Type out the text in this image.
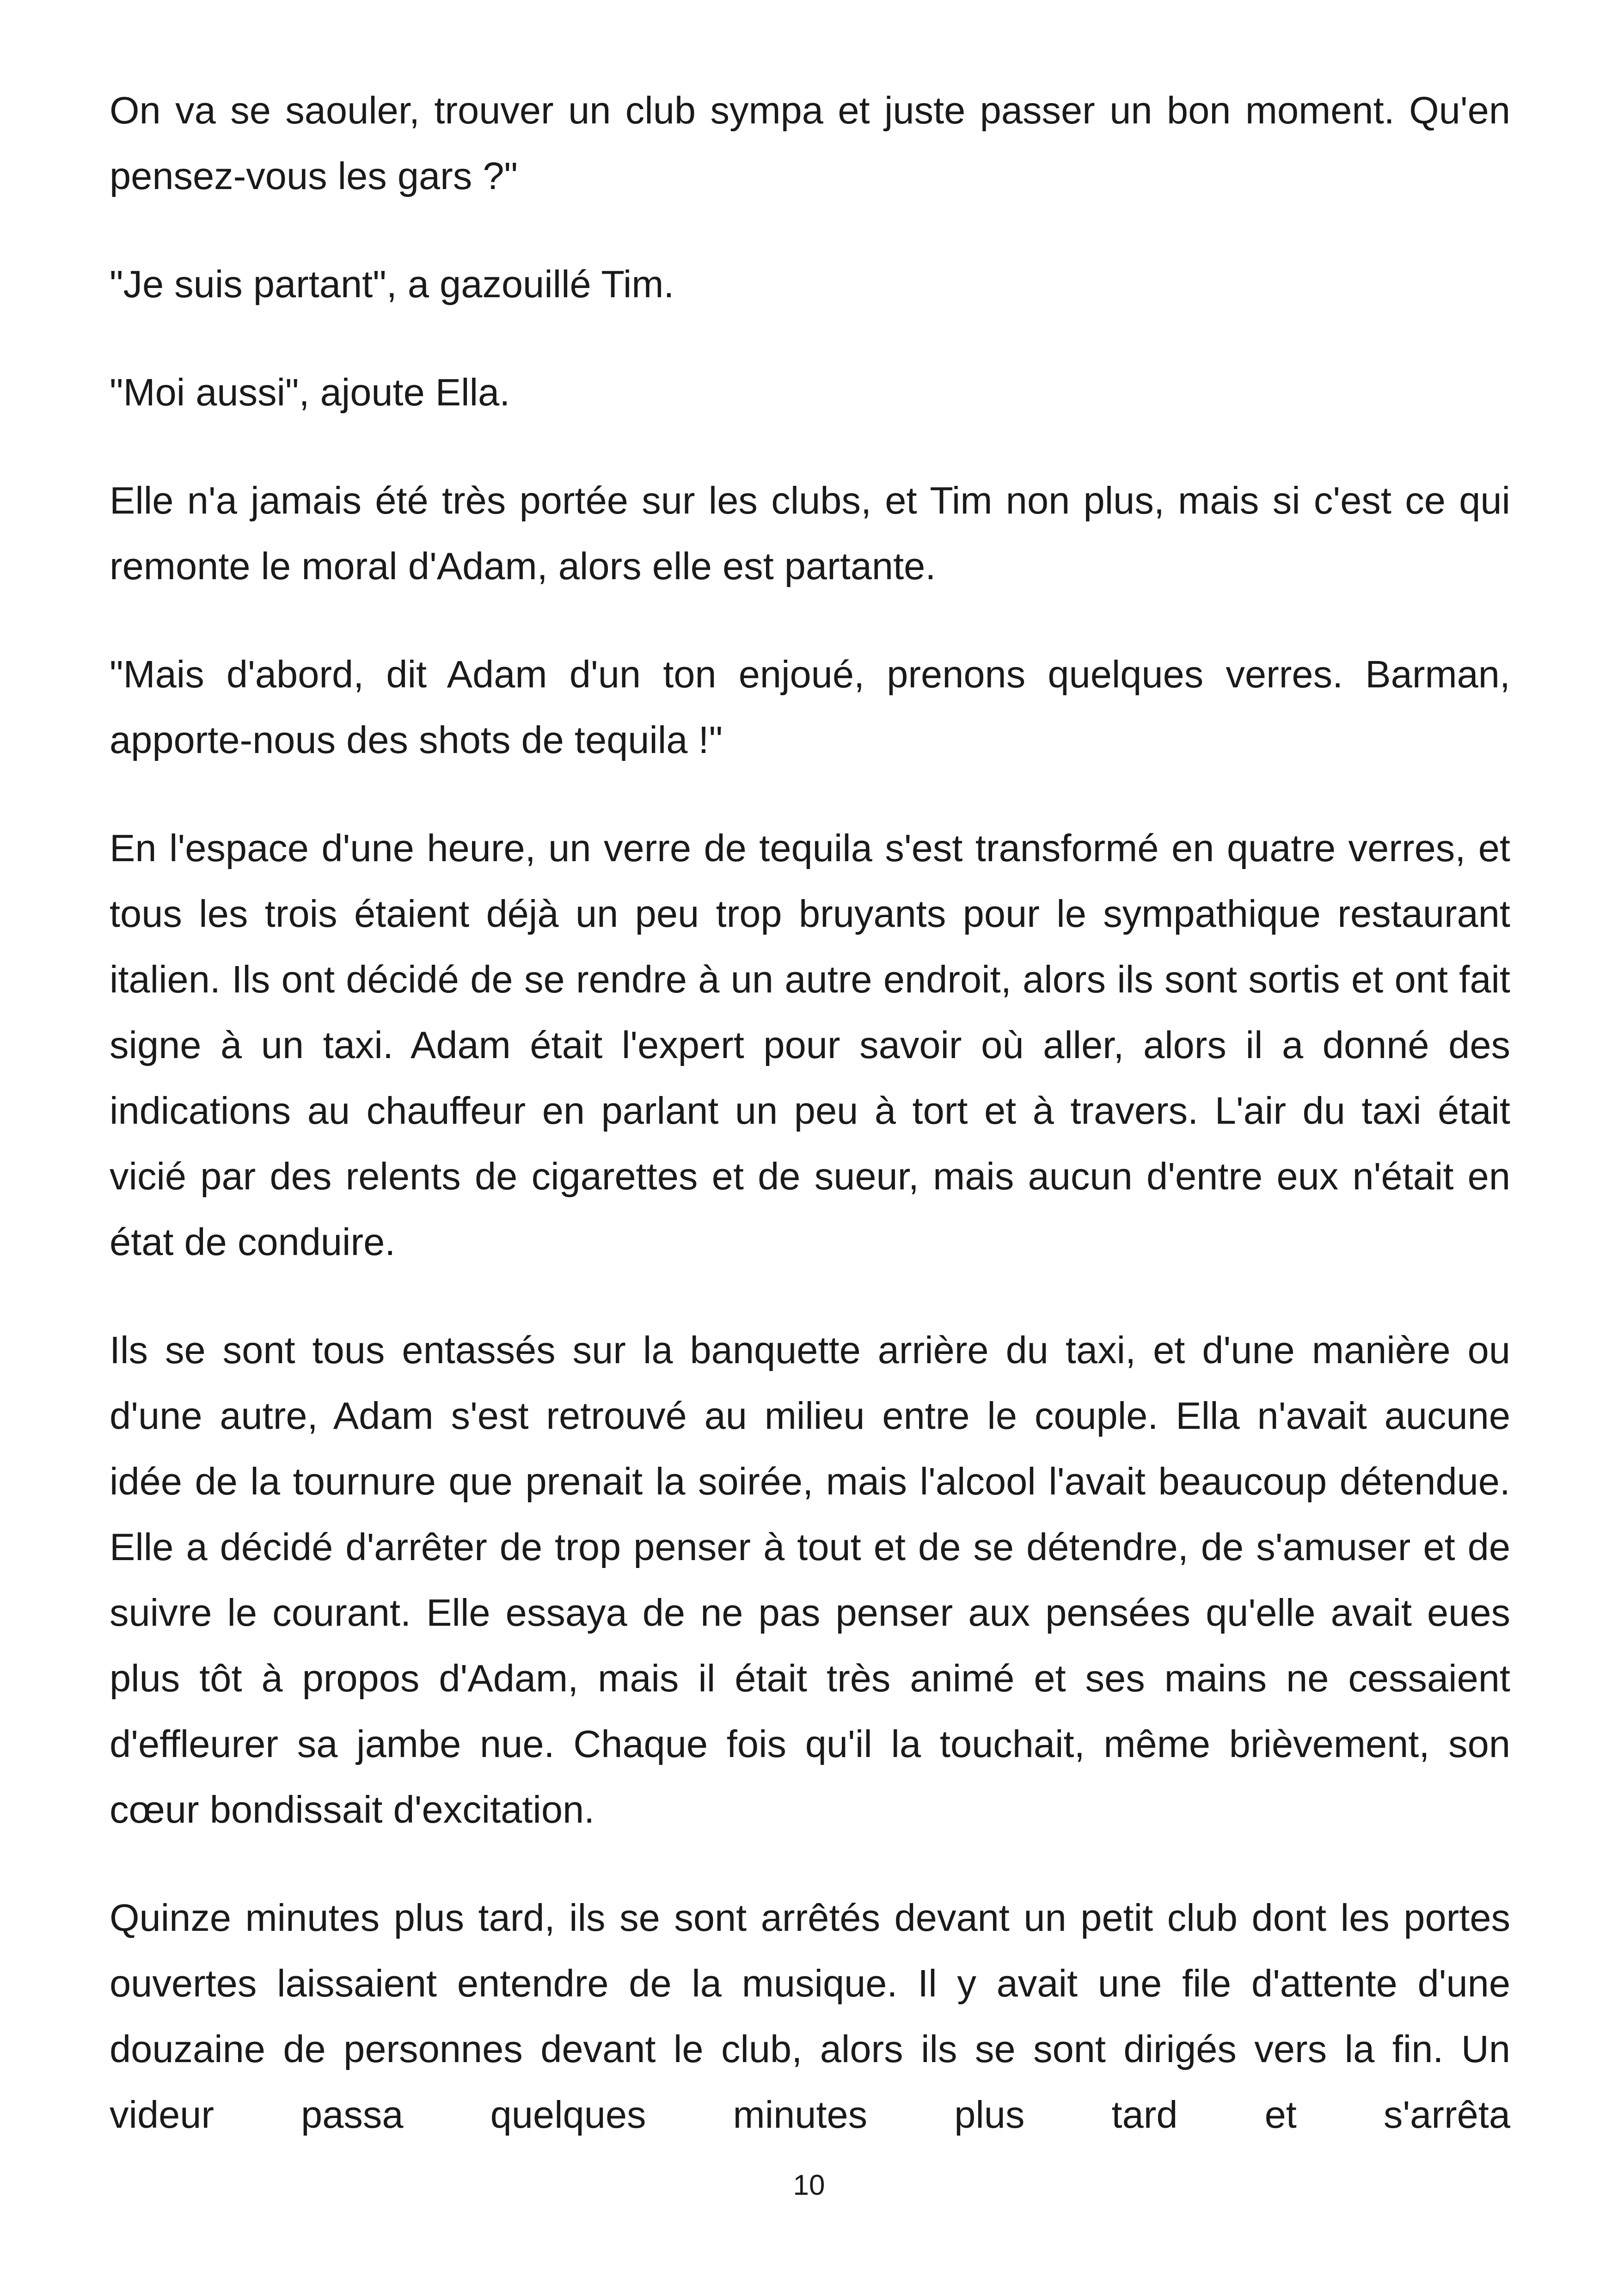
On va se saouler, trouver un club sympa et juste passer un bon moment. Qu'en pensez-vous les gars ?"

"Je suis partant", a gazouillé Tim.

"Moi aussi", ajoute Ella.

Elle n'a jamais été très portée sur les clubs, et Tim non plus, mais si c'est ce qui remonte le moral d'Adam, alors elle est partante.

"Mais d'abord, dit Adam d'un ton enjoué, prenons quelques verres. Barman, apporte-nous des shots de tequila !"

En l'espace d'une heure, un verre de tequila s'est transformé en quatre verres, et tous les trois étaient déjà un peu trop bruyants pour le sympathique restaurant italien. Ils ont décidé de se rendre à un autre endroit, alors ils sont sortis et ont fait signe à un taxi. Adam était l'expert pour savoir où aller, alors il a donné des indications au chauffeur en parlant un peu à tort et à travers. L'air du taxi était vicié par des relents de cigarettes et de sueur, mais aucun d'entre eux n'était en état de conduire.

Ils se sont tous entassés sur la banquette arrière du taxi, et d'une manière ou d'une autre, Adam s'est retrouvé au milieu entre le couple. Ella n'avait aucune idée de la tournure que prenait la soirée, mais l'alcool l'avait beaucoup détendue. Elle a décidé d'arrêter de trop penser à tout et de se détendre, de s'amuser et de suivre le courant. Elle essaya de ne pas penser aux pensées qu'elle avait eues plus tôt à propos d'Adam, mais il était très animé et ses mains ne cessaient d'effleurer sa jambe nue. Chaque fois qu'il la touchait, même brièvement, son cœur bondissait d'excitation.

Quinze minutes plus tard, ils se sont arrêtés devant un petit club dont les portes ouvertes laissaient entendre de la musique. Il y avait une file d'attente d'une douzaine de personnes devant le club, alors ils se sont dirigés vers la fin. Un videur passa quelques minutes plus tard et s'arrêta

10
